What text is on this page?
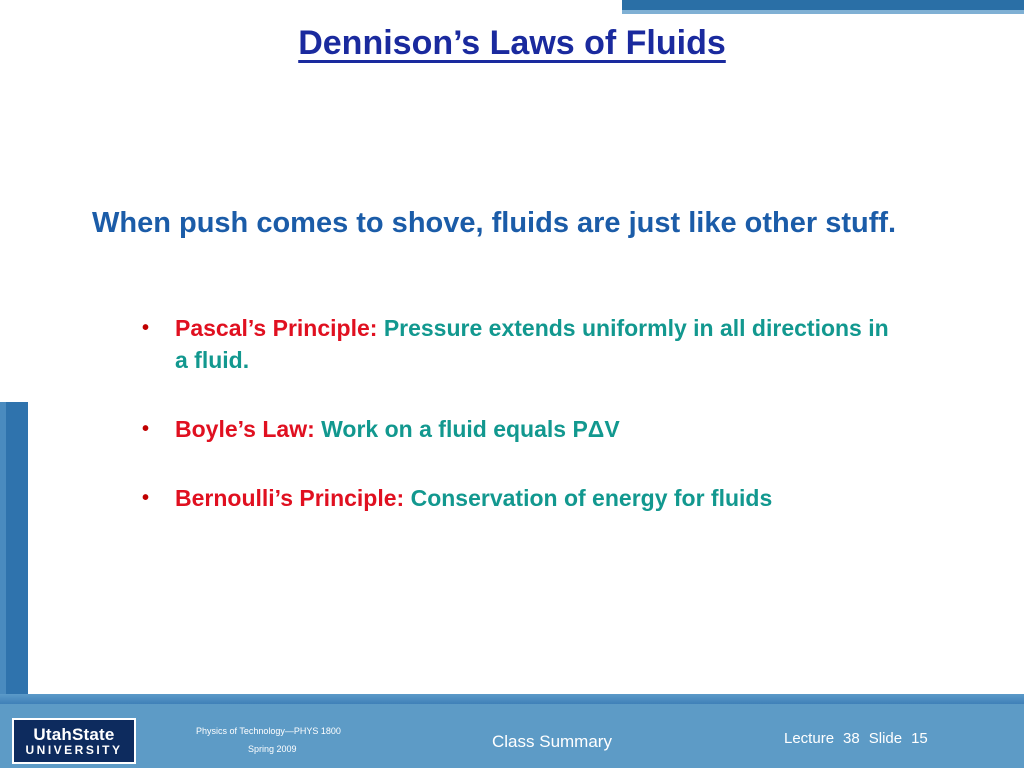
Dennison’s Laws of Fluids
When push comes to shove, fluids are just like other stuff.
• Pascal’s Principle: Pressure extends uniformly in all directions in a fluid.
• Boyle’s Law: Work on a fluid equals PΔV
• Bernoulli’s Principle: Conservation of energy for fluids
UtahState
UNIVERSITY
Physics of Technology—PHYS 1800
Spring 2009	Class Summary	Lecture 38 Slide 15
